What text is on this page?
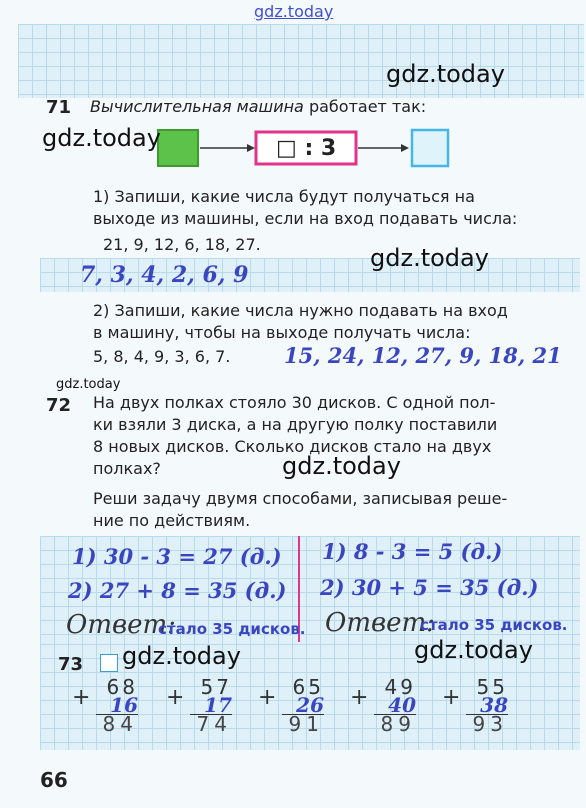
gdz.today
71 Вычислительная машина работает так:
□ : 3
1) Запиши, какие числа будут получаться на
выходе из машины, если на вход подавать числа:
21, 9, 12, 6, 18, 27.
7, 3, 4, 2, 6, 9
2) Запиши, какие числа нужно подавать на вход
в машину, чтобы на выходе получать числа:
5, 8, 4, 9, 3, 6, 7.	15, 24, 12, 27, 9, 18, 21
72 На двух полках стояло 30 дисков. С одной пол-
ки взяли 3 диска, а на другую полку поставили
8 новых дисков. Сколько дисков стало на двух
полках?
Реши задачу двумя способами, записывая реше-
ние по действиям.
1) 30 - 3 = 27 (д.)
2) 27 + 8 = 35 (д.)
Ответ:
стало 35 дисков.
1) 8 - 3 = 5 (д.)
2) 30 + 5 = 35 (д.)
Ответ:
стало 35 дисков.
73
+ 68
16
84
+ 57
17
74
+ 65
26
91
+ 49
40
89
+ 55
38
93
66
gdz.today
gdz.today
gdz.today
gdz.today
gdz.today
gdz.today	gdz.today
